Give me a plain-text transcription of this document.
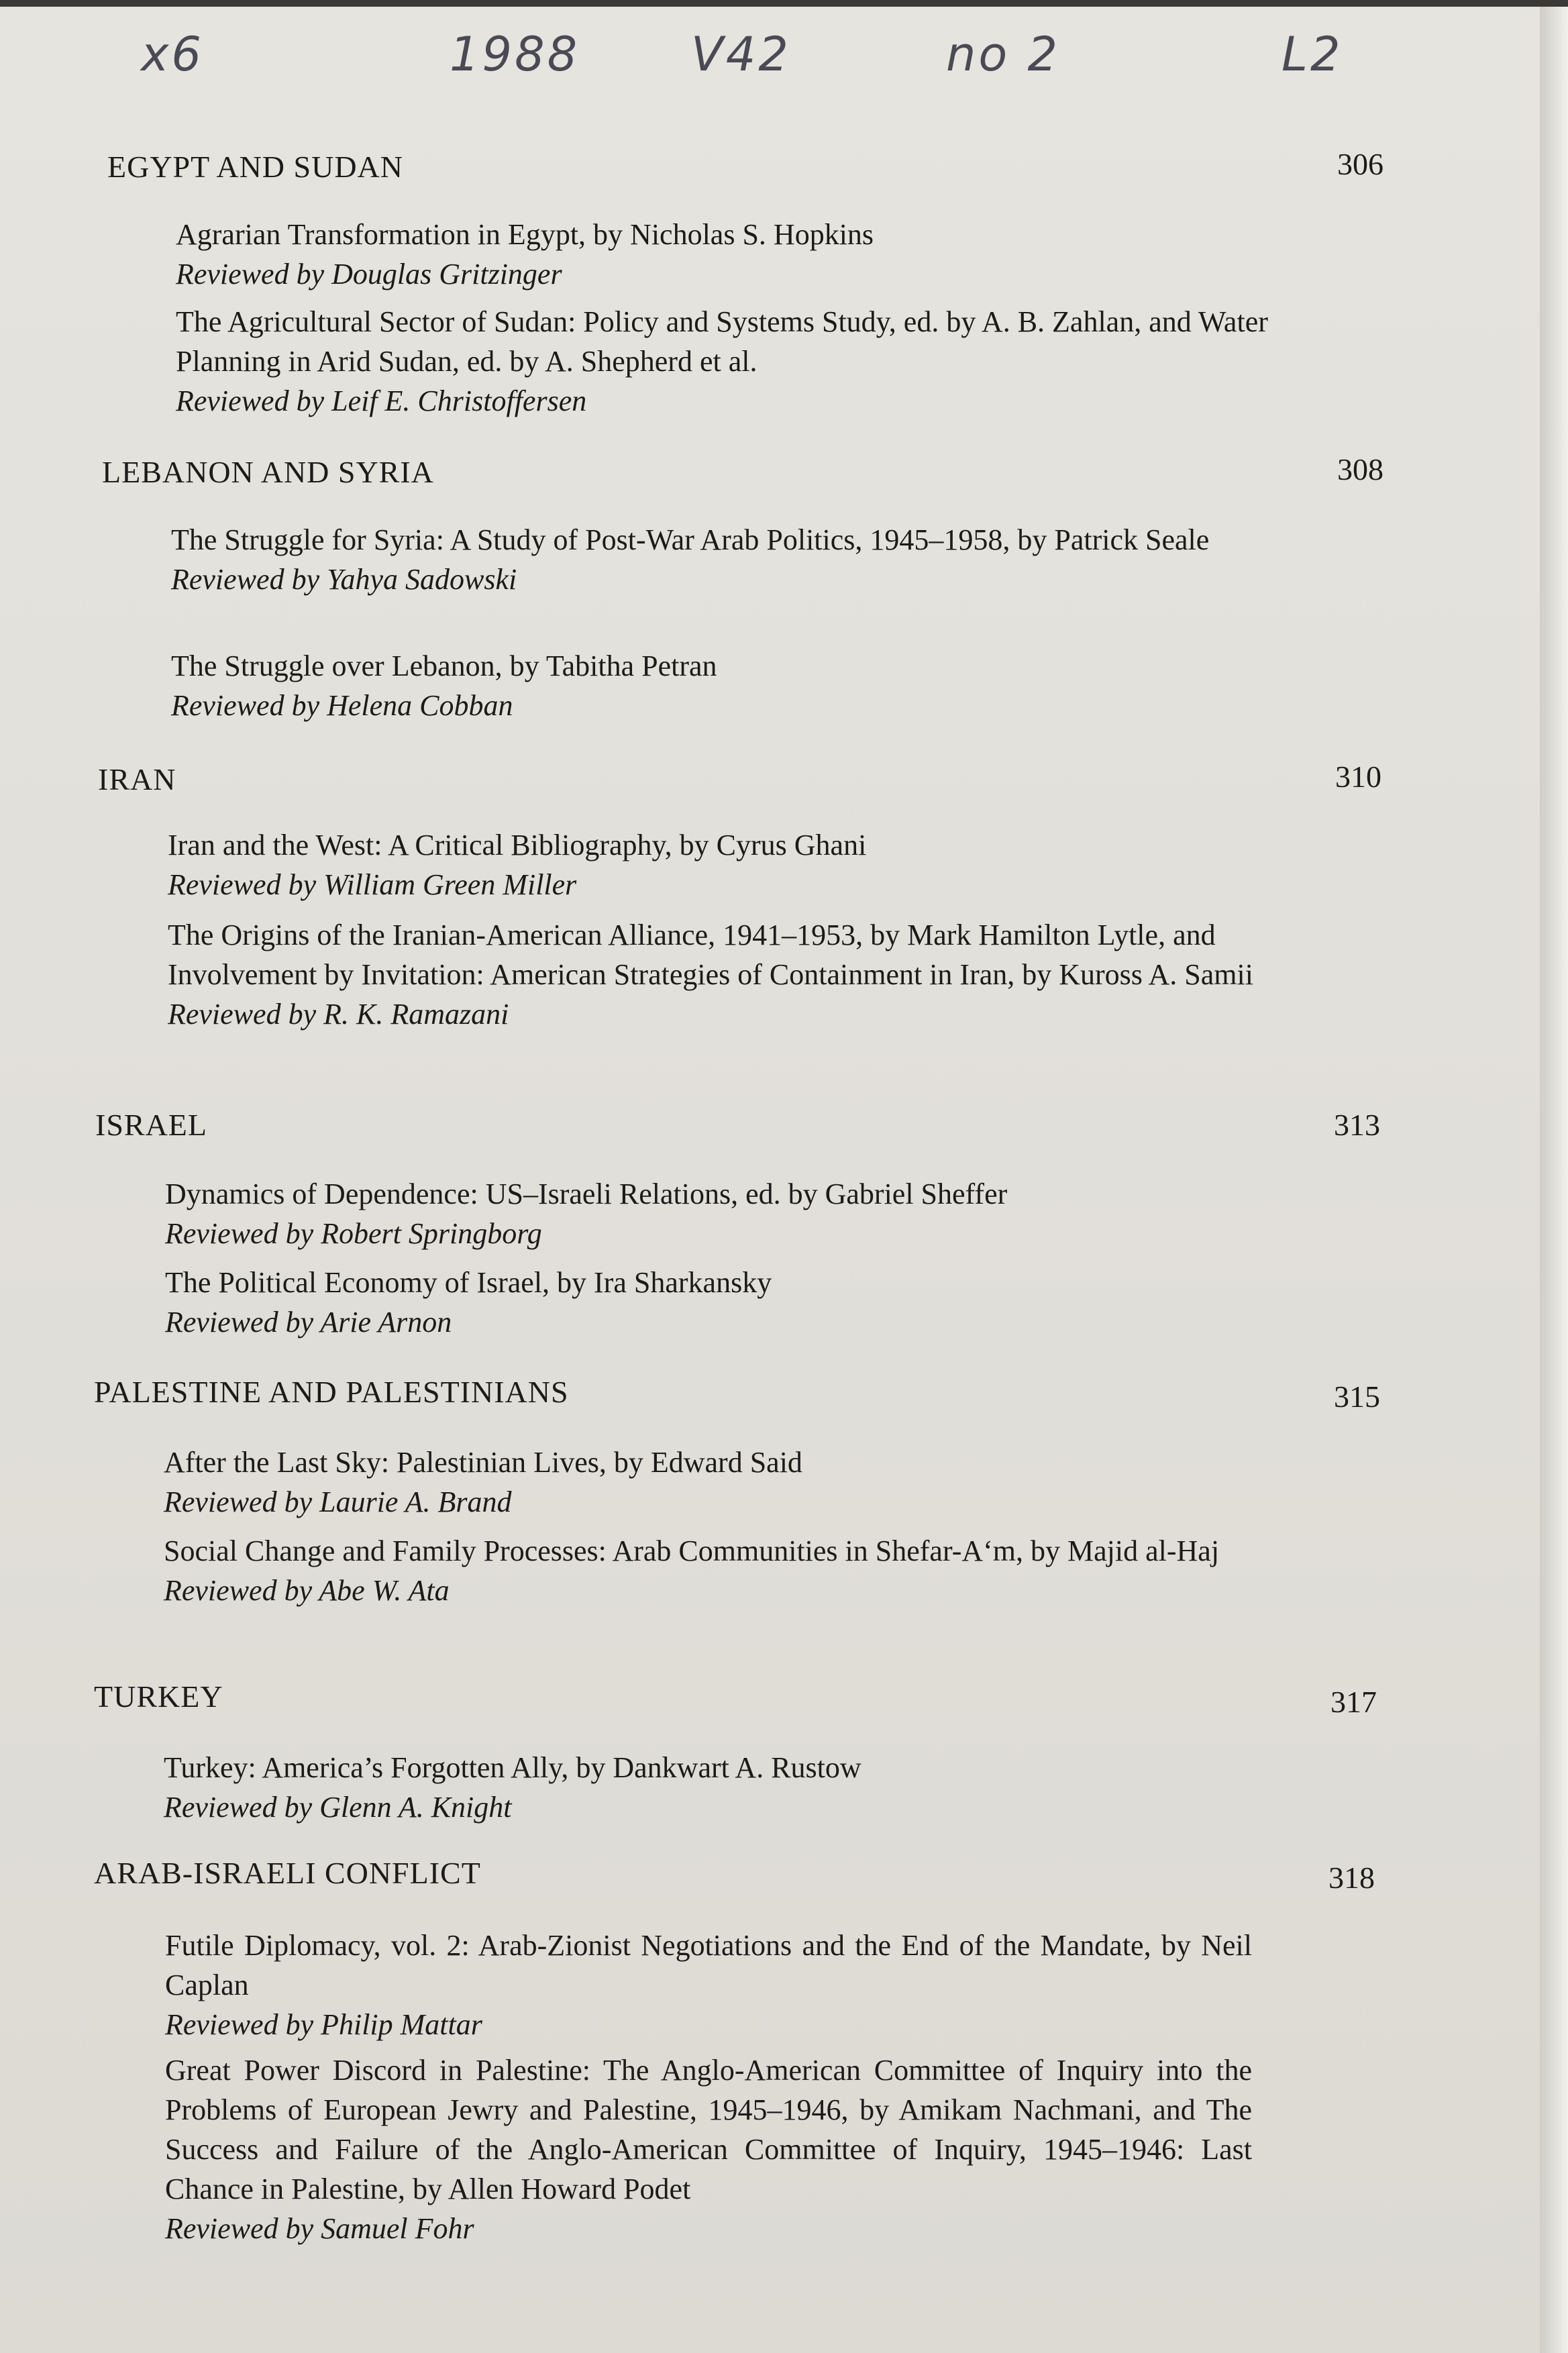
x6	1988 V42	no 2	L2
EGYPT AND SUDAN	306
Agrarian Transformation in Egypt, by Nicholas S. Hopkins
Reviewed by Douglas Gritzinger
The Agricultural Sector of Sudan: Policy and Systems Study, ed. by A. B. Zahlan, and Water Planning in Arid Sudan, ed. by A. Shepherd et al.
Reviewed by Leif E. Christoffersen
LEBANON AND SYRIA	308
The Struggle for Syria: A Study of Post-War Arab Politics, 1945–1958, by Patrick Seale
Reviewed by Yahya Sadowski
The Struggle over Lebanon, by Tabitha Petran
Reviewed by Helena Cobban
IRAN	310
Iran and the West: A Critical Bibliography, by Cyrus Ghani
Reviewed by William Green Miller
The Origins of the Iranian-American Alliance, 1941–1953, by Mark Hamilton Lytle, and Involvement by Invitation: American Strategies of Containment in Iran, by Kuross A. Samii
Reviewed by R. K. Ramazani
ISRAEL	313
Dynamics of Dependence: US–Israeli Relations, ed. by Gabriel Sheffer
Reviewed by Robert Springborg
The Political Economy of Israel, by Ira Sharkansky
Reviewed by Arie Arnon
PALESTINE AND PALESTINIANS	315
After the Last Sky: Palestinian Lives, by Edward Said
Reviewed by Laurie A. Brand
Social Change and Family Processes: Arab Communities in Shefar-A‘m, by Majid al-Haj
Reviewed by Abe W. Ata
TURKEY	317
Turkey: America’s Forgotten Ally, by Dankwart A. Rustow
Reviewed by Glenn A. Knight
ARAB-ISRAELI CONFLICT	318
Futile Diplomacy, vol. 2: Arab-Zionist Negotiations and the End of the Mandate, by Neil Caplan
Reviewed by Philip Mattar
Great Power Discord in Palestine: The Anglo-American Committee of Inquiry into the Problems of European Jewry and Palestine, 1945–1946, by Amikam Nachmani, and The Success and Failure of the Anglo-American Committee of Inquiry, 1945–1946: Last Chance in Palestine, by Allen Howard Podet
Reviewed by Samuel Fohr
